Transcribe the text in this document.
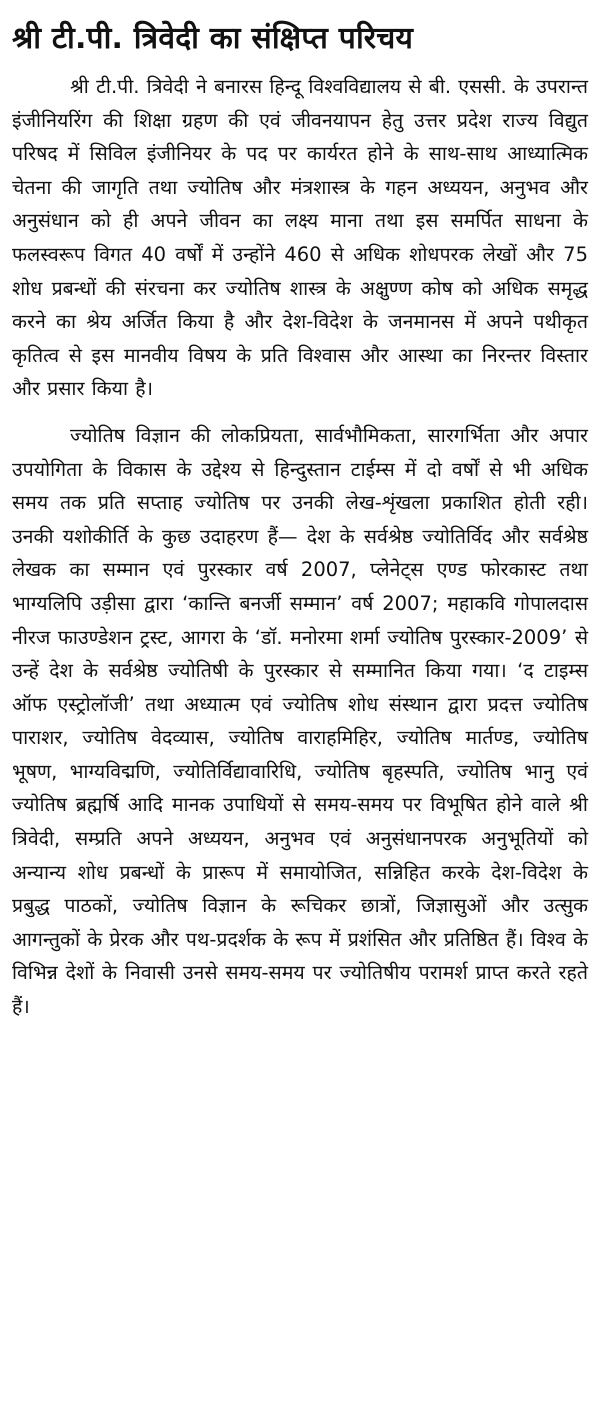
श्री टी.पी. त्रिवेदी का संक्षिप्त परिचय

श्री टी.पी. त्रिवेदी ने बनारस हिन्दू विश्वविद्यालय से बी. एससी. के उपरान्त इंजीनियरिंग की शिक्षा ग्रहण की एवं जीवनयापन हेतु उत्तर प्रदेश राज्य विद्युत परिषद में सिविल इंजीनियर के पद पर कार्यरत होने के साथ-साथ आध्यात्मिक चेतना की जागृति तथा ज्योतिष और मंत्रशास्त्र के गहन अध्ययन, अनुभव और अनुसंधान को ही अपने जीवन का लक्ष्य माना तथा इस समर्पित साधना के फलस्वरूप विगत 40 वर्षों में उन्होंने 460 से अधिक शोधपरक लेखों और 75 शोध प्रबन्धों की संरचना कर ज्योतिष शास्त्र के अक्षुण्ण कोष को अधिक समृद्ध करने का श्रेय अर्जित किया है और देश-विदेश के जनमानस में अपने पथीकृत कृतित्व से इस मानवीय विषय के प्रति विश्वास और आस्था का निरन्तर विस्तार और प्रसार किया है।

ज्योतिष विज्ञान की लोकप्रियता, सार्वभौमिकता, सारगर्भिता और अपार उपयोगिता के विकास के उद्देश्य से हिन्दुस्तान टाईम्स में दो वर्षों से भी अधिक समय तक प्रति सप्ताह ज्योतिष पर उनकी लेख-शृंखला प्रकाशित होती रही। उनकी यशोकीर्ति के कुछ उदाहरण हैं— देश के सर्वश्रेष्ठ ज्योतिर्विद और सर्वश्रेष्ठ लेखक का सम्मान एवं पुरस्कार वर्ष 2007, प्लेनेट्स एण्ड फोरकास्ट तथा भाग्यलिपि उड़ीसा द्वारा ‘कान्ति बनर्जी सम्मान’ वर्ष 2007; महाकवि गोपालदास नीरज फाउण्डेशन ट्रस्ट, आगरा के ‘डॉ. मनोरमा शर्मा ज्योतिष पुरस्कार-2009’ से उन्हें देश के सर्वश्रेष्ठ ज्योतिषी के पुरस्कार से सम्मानित किया गया। ‘द टाइम्स ऑफ एस्ट्रोलॉजी’ तथा अध्यात्म एवं ज्योतिष शोध संस्थान द्वारा प्रदत्त ज्योतिष पाराशर, ज्योतिष वेदव्यास, ज्योतिष वाराहमिहिर, ज्योतिष मार्तण्ड, ज्योतिष भूषण, भाग्यविद्मणि, ज्योतिर्विद्यावारिधि, ज्योतिष बृहस्पति, ज्योतिष भानु एवं ज्योतिष ब्रह्मर्षि आदि मानक उपाधियों से समय-समय पर विभूषित होने वाले श्री त्रिवेदी, सम्प्रति अपने अध्ययन, अनुभव एवं अनुसंधानपरक अनुभूतियों को अन्यान्य शोध प्रबन्धों के प्रारूप में समायोजित, सन्निहित करके देश-विदेश के प्रबुद्ध पाठकों, ज्योतिष विज्ञान के रूचिकर छात्रों, जिज्ञासुओं और उत्सुक आगन्तुकों के प्रेरक और पथ-प्रदर्शक के रूप में प्रशंसित और प्रतिष्ठित हैं। विश्व के विभिन्न देशों के निवासी उनसे समय-समय पर ज्योतिषीय परामर्श प्राप्त करते रहते हैं।
